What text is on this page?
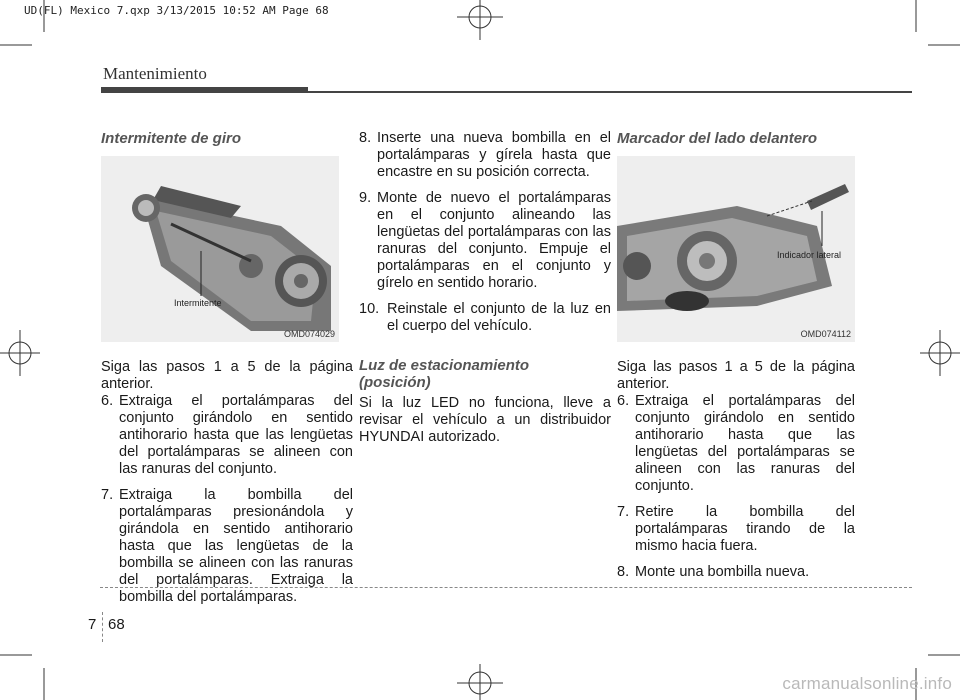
UD(FL) Mexico 7.qxp 3/13/2015 10:52 AM Page 68
Mantenimiento
Intermitente de giro

Siga las pasos 1 a 5 de la página anterior.

6. Extraiga el portalámparas del conjunto girándolo en sentido antihorario hasta que las lengüetas del portalámparas se alineen con las ranuras del conjunto.
7. Extraiga la bombilla del portalámparas presionándola y girándola en sentido antihorario hasta que las lengüetas de la bombilla se alineen con las ranuras del portalámparas. Extraiga la bombilla del portalámparas.
Intermitente
OMD074029
8. Inserte una nueva bombilla en el portalámparas y gírela hasta que encastre en su posición correcta.
9. Monte de nuevo el portalámparas en el conjunto alineando las lengüetas del portalámparas con las ranuras del conjunto. Empuje el portalámparas en el conjunto y gírelo en sentido horario.
10. Reinstale el conjunto de la luz en el cuerpo del vehículo.
Luz de estacionamiento
(posición)

Si la luz LED no funciona, lleve a revisar el vehículo a un distribuidor HYUNDAI autorizado.

Marcador del lado delantero

Siga las pasos 1 a 5 de la página anterior.

6. Extraiga el portalámparas del conjunto girándolo en sentido antihorario hasta que las lengüetas del portalámparas se alineen con las ranuras del conjunto.
7. Retire la bombilla del portalámparas tirando de la mismo hacia fuera.
8. Monte una bombilla nueva.
Indicador lateral
OMD074112
7 68
carmanualsonline.info
